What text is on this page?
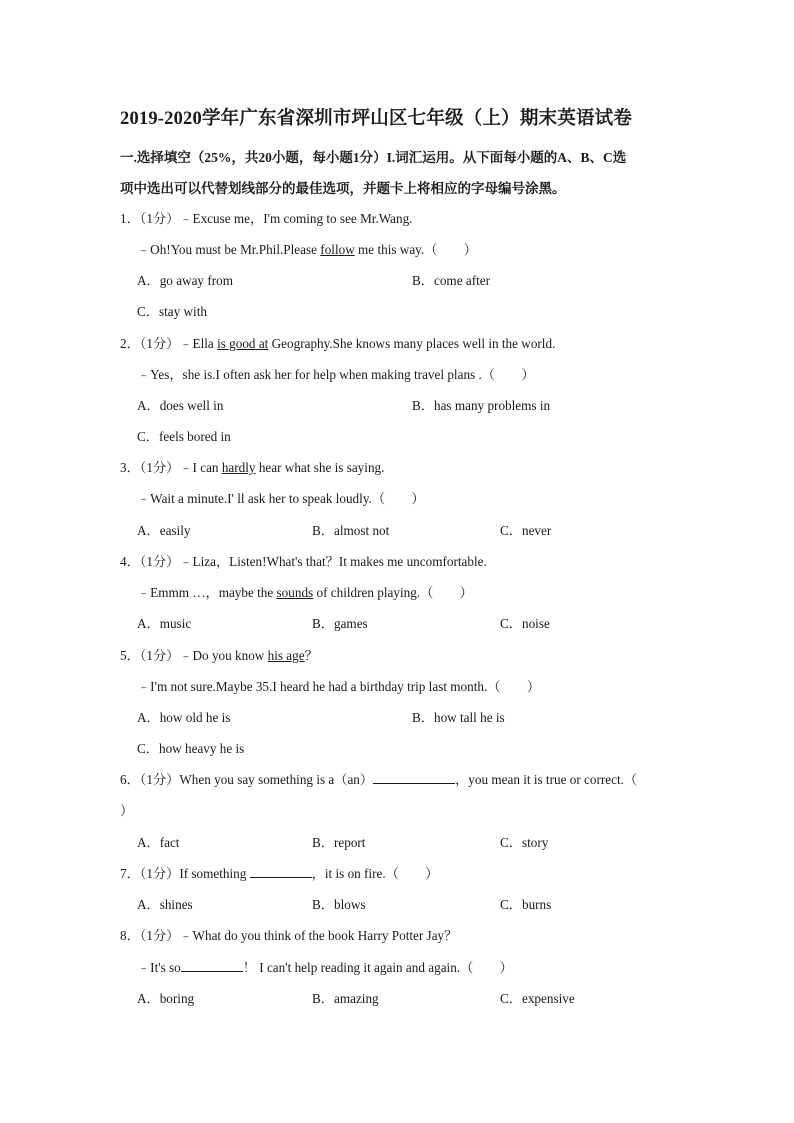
2019-2020学年广东省深圳市坪山区七年级（上）期末英语试卷
一.选择填空（25%，共20小题，每小题1分）I.词汇运用。从下面每小题的A、B、C选
项中选出可以代替划线部分的最佳选项，并题卡上将相应的字母编号涂黑。
1．（1分）﹣Excuse me，I'm coming to see Mr.Wang.
﹣Oh!You must be Mr.Phil.Please follow me this way.（　　）
A．go away from	B．come after
C．stay with
2．（1分）﹣Ella is good at Geography.She knows many places well in the world.
﹣Yes，she is.I often ask her for help when making travel plans .（　　）
A．does well in	B．has many problems in
C．feels bored in
3．（1分）﹣I can hardly hear what she is saying.
﹣Wait a minute.I' ll ask her to speak loudly.（　　）
A．easily	B．almost not	C．never
4．（1分）﹣Liza，Listen!What's that？It makes me uncomfortable.
﹣Emmm …，maybe the sounds of children playing.（　　）
A．music	B．games	C．noise
5．（1分）﹣Do you know his age？
﹣I'm not sure.Maybe 35.I heard he had a birthday trip last month.（　　）
A．how old he is	B．how tall he is
C．how heavy he is
6．（1分）When you say something is a（an）	，you mean it is true or correct.（
）
A．fact	B．report	C．story
7．（1分）If something	，it is on fire.（　　）
A．shines	B．blows	C．burns
8．（1分）﹣What do you think of the book Harry Potter Jay？
﹣It's so	！ I can't help reading it again and again.（　　）
A．boring	B．amazing	C．expensive
